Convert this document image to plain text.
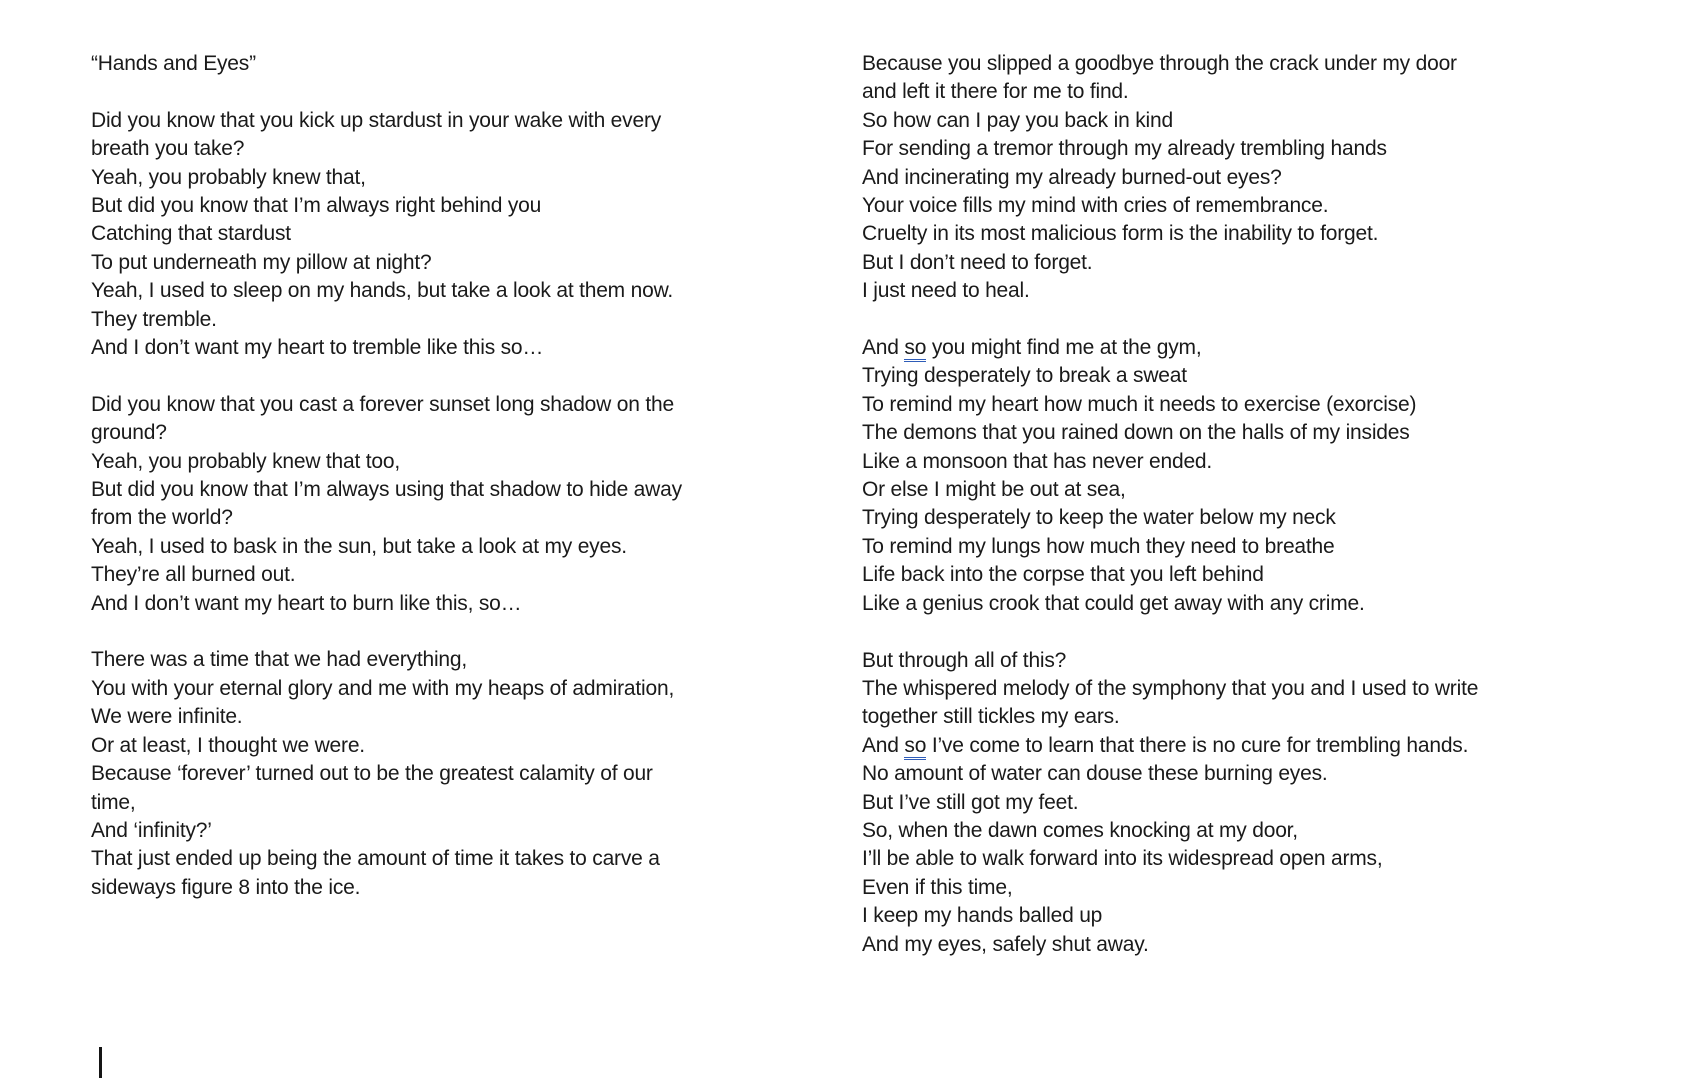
“Hands and Eyes”
Did you know that you kick up stardust in your wake with every
breath you take?
Yeah, you probably knew that,
But did you know that I’m always right behind you
Catching that stardust
To put underneath my pillow at night?
Yeah, I used to sleep on my hands, but take a look at them now.
They tremble.
And I don’t want my heart to tremble like this so…
Did you know that you cast a forever sunset long shadow on the
ground?
Yeah, you probably knew that too,
But did you know that I’m always using that shadow to hide away
from the world?
Yeah, I used to bask in the sun, but take a look at my eyes.
They’re all burned out.
And I don’t want my heart to burn like this, so…
There was a time that we had everything,
You with your eternal glory and me with my heaps of admiration,
We were infinite.
Or at least, I thought we were.
Because ‘forever’ turned out to be the greatest calamity of our
time,
And ‘infinity?’
That just ended up being the amount of time it takes to carve a
sideways figure 8 into the ice.
Because you slipped a goodbye through the crack under my door
and left it there for me to find.
So how can I pay you back in kind
For sending a tremor through my already trembling hands
And incinerating my already burned-out eyes?
Your voice fills my mind with cries of remembrance.
Cruelty in its most malicious form is the inability to forget.
But I don’t need to forget.
I just need to heal.
And so you might find me at the gym,
Trying desperately to break a sweat
To remind my heart how much it needs to exercise (exorcise)
The demons that you rained down on the halls of my insides
Like a monsoon that has never ended.
Or else I might be out at sea,
Trying desperately to keep the water below my neck
To remind my lungs how much they need to breathe
Life back into the corpse that you left behind
Like a genius crook that could get away with any crime.
But through all of this?
The whispered melody of the symphony that you and I used to write
together still tickles my ears.
And so I’ve come to learn that there is no cure for trembling hands.
No amount of water can douse these burning eyes.
But I’ve still got my feet.
So, when the dawn comes knocking at my door,
I’ll be able to walk forward into its widespread open arms,
Even if this time,
I keep my hands balled up
And my eyes, safely shut away.
